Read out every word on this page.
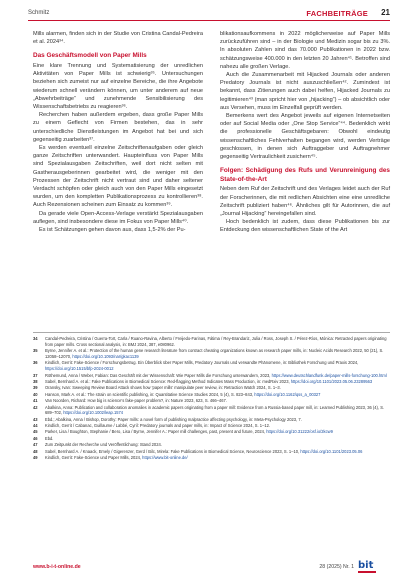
Schmitz	FACHBEITRÄGE 21

Mills alarmen, finden sich in der Studie von Cristina Candal-Pedreira et al. 2024³⁴.

Das Geschäftsmodell von Paper Mills

Eine klare Trennung und Systematisierung der unredlichen Aktivitäten von Paper Mills ist schwierig³⁵. Untersuchungen beziehen sich zumeist nur auf einzelne Bereiche, die ihre Angebote wiederum schnell verändern können, um unter anderem auf neue „Abwehrbeiträge“ und zunehmende Sensibilisierung des Wissenschaftsbetriebs zu reagieren³⁶.

Recherchen haben außerdem ergeben, dass große Paper Mills zu einem Geflecht von Firmen bestehen, das in sehr unterschiedliche Dienstleistungen im Angebot hat bei und sich gegenseitig zuarbeiten³⁷.

Es werden eventuell einzelne Zeitschriftenaufgaben oder gleich ganze Zeitschriften unterwandert. Haupteinfluss von Paper Mills sind Spezialausgaben Zeitschriften, weil dort nicht selten mit Gastherausgeberinnen gearbeitet wird, die weniger mit den Prozessen der Zeitschrift nicht vertraut sind und daher seltener Verdacht schöpfen oder gleich auch von den Paper Mills eingesetzt wurden, um den kompletten Publikationsprozess zu kontrollieren³⁸. Auch Rezensionen scheinen zum Einsatz zu kommen³⁹.

Da gerade viele Open-Access-Verlage verstärkt Spezialausgaben auflegen, sind insbesondere diese im Fokus von Paper Mills⁴⁰.

Es ist Schätzungen gehen davon aus, dass 1,5-2% der Pu-

blikationsaufkommens in 2022 möglicherweise auf Paper Mills zurückzuführen sind – in der Biologie und Medizin sogar bis zu 3%. In absoluten Zahlen sind das 70.000 Publikationen in 2022 bzw. schätzungsweise 400.000 in den letzten 20 Jahren⁴¹. Betroffen sind nahezu alle großen Verlage.

Auch die Zusammenarbeit mit Hijacked Journals oder anderen Predatory Journals ist nicht auszuschließen⁴². Zumindest ist bekannt, dass Zitierungen auch dabei helfen, Hijacked Journals zu legitimieren⁴³ (man spricht hier von „hijacking“) – ob absichtlich oder aus Versehen, muss im Einzelfall geprüft werden.

Bemerkens wert des Angebot jeweils auf eigenen Internetseiten oder auf Social Media oder „One Stop Service“⁴⁴. Bedenklich wirkt die professionelle Geschäftsgebaren: Obwohl eindeutig wissenschaftliches Fehlverhalten begangen wird, werden Verträge geschlossen, in denen sich Auftraggeber und Auftragnehmer gegenseitig Vertraulichkeit zusichern⁴⁵.

Folgen: Schädigung des Rufs und Verunreinigung des State-of-the-Art

Neben dem Ruf der Zeitschrift und des Verlages leidet auch der Ruf der Forscherinnen, die mit redlichen Absichten eine eine unredliche Zeitschrift publiziert haben⁴⁶. Ähnliches gilt für Autorinnen, die auf „Journal Hijacking“ hereingefallen sind.

Hoch bedenklich ist zudem, dass diese Publikationen bis zur Entdeckung den wissenschaftlichen State of the Art

34 Candal-Pedreira, Cristina / Guerra-Tort, Carla / Ruano-Ravina, Alberto / Freijedo-Farinas, Fátima / Rey-Brandariz, Julia / Ross, Joseph S. / Pérez-Ríos, Mónica: Retracted papers originating from paper mills. Cross sectional analysis, in: BMJ 2024, 387, e080962.
35 Byrne, Jennifer A. et al.: Protection of the human gene research literature from contract cheating organizations known as research paper mills, in: Nucleic Acids Research 2022, 50 (21), S. 12058–12070, https://doi.org/10.1093/nar/gkac1139
36 Kindlich, Gerrit: Fake-Science / Forschungsbetrug. Ein Überblick über Paper Mills, Predatory Journals und verwandte Phänomene, in: Bibliothek Forschung und Praxis 2024, https://doi.org/10.1515/bfp-2024-0012
37 Röthemund, Anna / Weber, Fabian: Das Geschäft mit der Wissenschaft: Wie Paper Mills die Forschung unterwandern, 2023, https://www.deutschlandfunk.de/paper-mills-forschung-100.html
38 Sabel, Bernhard A. et al.: Fake Publications in Biomedical Science: Red-flagging Method Indicates Mass Production, in: medRxiv 2023, https://doi.org/10.1101/2023.05.06.23289563
39 Oransky, Ivan: Sweeping Review Board Attack shows how ‘paper mills’ manipulate peer review, in: Retraction Watch 2024, S. 1–3.
40 Hanson, Mark A. et al.: The strain on scientific publishing, in: Quantitative Science Studies 2024, 5 (4), S. 823–843, https://doi.org/10.1162/qss_a_00327
41 Van Noorden, Richard: How big is science’s fake-paper problem?, in: Nature 2023, 623, S. 466–467.
42 Abalkina, Anna: Publication and collaboration anomalies in academic papers originating from a paper mill: Evidence from a Russia-based paper mill, in: Learned Publishing 2023, 36 (4), S. 689–702, https://doi.org/10.1002/leap.1574
43 Ebd.; Abalkina, Anna / Bishop, Dorothy: Paper mills: a novel form of publishing malpractice affecting psychology, in: Meta-Psychology 2023, 7.
44 Kindlich, Gerrit / Cabanac, Guillaume / Labbé, Cyril: Predatory journals and paper mills, in: Impact of Science 2024, S. 1–12.
45 Parker, Lisa / Boughton, Stephanie / Bero, Lisa / Byrne, Jennifer A.: Paper mill challenges, past, present and future, 2024, https://doi.org/10.31222/osf.io/2kcw9
46 Ebd.
47 Zum Zeitpunkt der Recherche und Veröffentlichung: Stand 2024.
48 Sabel, Bernhard A. / Knaack, Emely / Gigerenzer, Gerd / Bilc, Mirela: Fake Publications in Biomedical Science, Neuroscience 2023, S. 1–10, https://doi.org/10.1101/2023.05.06
49 Kindlich, Gerrit: Fake-Science und Paper Mills, 2024, https://www.bit-online.de/
www.b-i-t-online.de	28 (2025) Nr. 1 bit
